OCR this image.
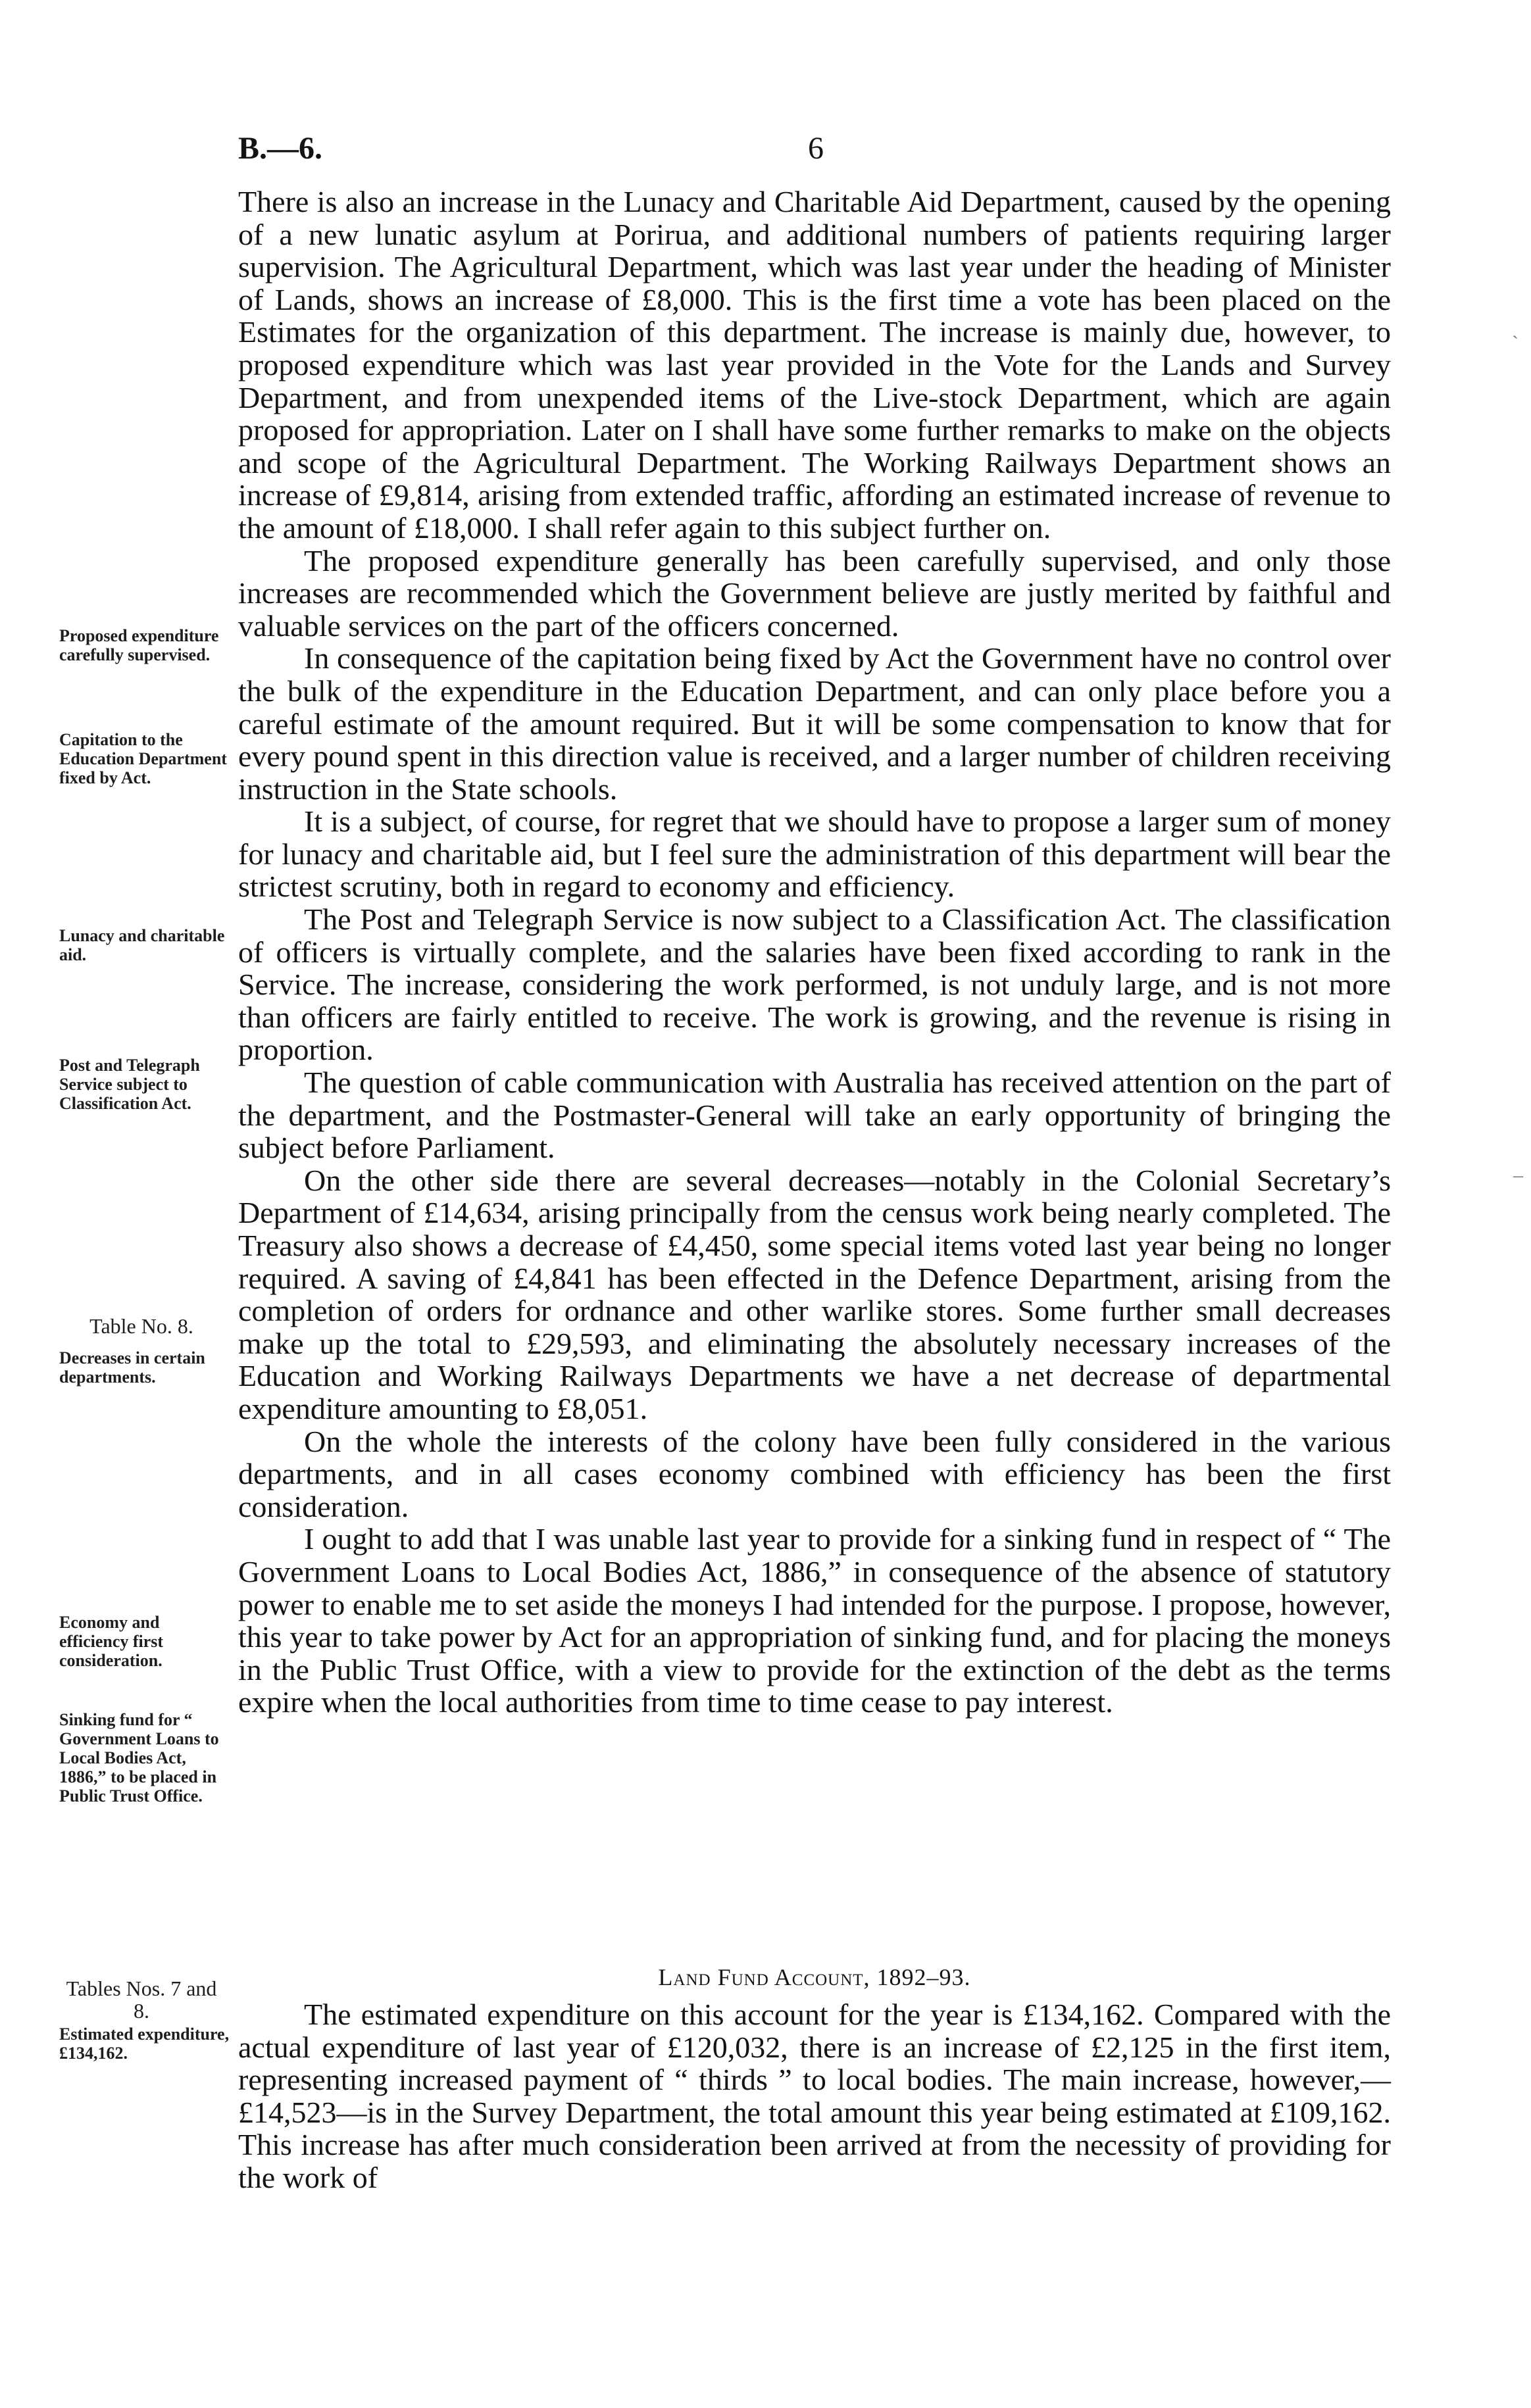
B.—6.	6

There is also an increase in the Lunacy and Charitable Aid Department, caused by the opening of a new lunatic asylum at Porirua, and additional numbers of patients requiring larger supervision. The Agricultural Department, which was last year under the heading of Minister of Lands, shows an increase of £8,000. This is the first time a vote has been placed on the Estimates for the organization of this department. The increase is mainly due, however, to proposed expenditure which was last year provided in the Vote for the Lands and Survey Department, and from unexpended items of the Live-stock Department, which are again proposed for appropriation. Later on I shall have some further remarks to make on the objects and scope of the Agricultural Department. The Working Railways Department shows an increase of £9,814, arising from extended traffic, affording an estimated increase of revenue to the amount of £18,000. I shall refer again to this subject further on.

The proposed expenditure generally has been carefully supervised, and only those increases are recommended which the Government believe are justly merited by faithful and valuable services on the part of the officers concerned.

In consequence of the capitation being fixed by Act the Government have no control over the bulk of the expenditure in the Education Department, and can only place before you a careful estimate of the amount required. But it will be some compensation to know that for every pound spent in this direction value is received, and a larger number of children receiving instruction in the State schools.

It is a subject, of course, for regret that we should have to propose a larger sum of money for lunacy and charitable aid, but I feel sure the administration of this department will bear the strictest scrutiny, both in regard to economy and efficiency.

The Post and Telegraph Service is now subject to a Classification Act. The classification of officers is virtually complete, and the salaries have been fixed according to rank in the Service. The increase, considering the work performed, is not unduly large, and is not more than officers are fairly entitled to receive. The work is growing, and the revenue is rising in proportion.

The question of cable communication with Australia has received attention on the part of the department, and the Postmaster-General will take an early opportunity of bringing the subject before Parliament.

On the other side there are several decreases—notably in the Colonial Secretary’s Department of £14,634, arising principally from the census work being nearly completed. The Treasury also shows a decrease of £4,450, some special items voted last year being no longer required. A saving of £4,841 has been effected in the Defence Department, arising from the completion of orders for ordnance and other warlike stores. Some further small decreases make up the total to £29,593, and eliminating the absolutely necessary increases of the Education and Working Railways Departments we have a net decrease of departmental expenditure amounting to £8,051.

On the whole the interests of the colony have been fully considered in the various departments, and in all cases economy combined with efficiency has been the first consideration.

I ought to add that I was unable last year to provide for a sinking fund in respect of “ The Government Loans to Local Bodies Act, 1886,” in consequence of the absence of statutory power to enable me to set aside the moneys I had intended for the purpose. I propose, however, this year to take power by Act for an appropriation of sinking fund, and for placing the moneys in the Public Trust Office, with a view to provide for the extinction of the debt as the terms expire when the local authorities from time to time cease to pay interest.

Land Fund Account, 1892–93.

The estimated expenditure on this account for the year is £134,162. Compared with the actual expenditure of last year of £120,032, there is an increase of £2,125 in the first item, representing increased payment of “ thirds ” to local bodies. The main increase, however,—£14,523—is in the Survey Department, the total amount this year being estimated at £109,162. This increase has after much consideration been arrived at from the necessity of providing for the work of

Proposed expenditure carefully supervised.
Capitation to the Education Department fixed by Act.
Lunacy and charitable aid.
Post and Telegraph Service subject to Classification Act.
Table No. 8.
Decreases in certain departments.
Economy and efficiency first consideration.
Sinking fund for “ Government Loans to Local Bodies Act, 1886,” to be placed in Public Trust Office.
Tables Nos. 7 and 8.
Estimated expenditure, £134,162.
˴
‒
